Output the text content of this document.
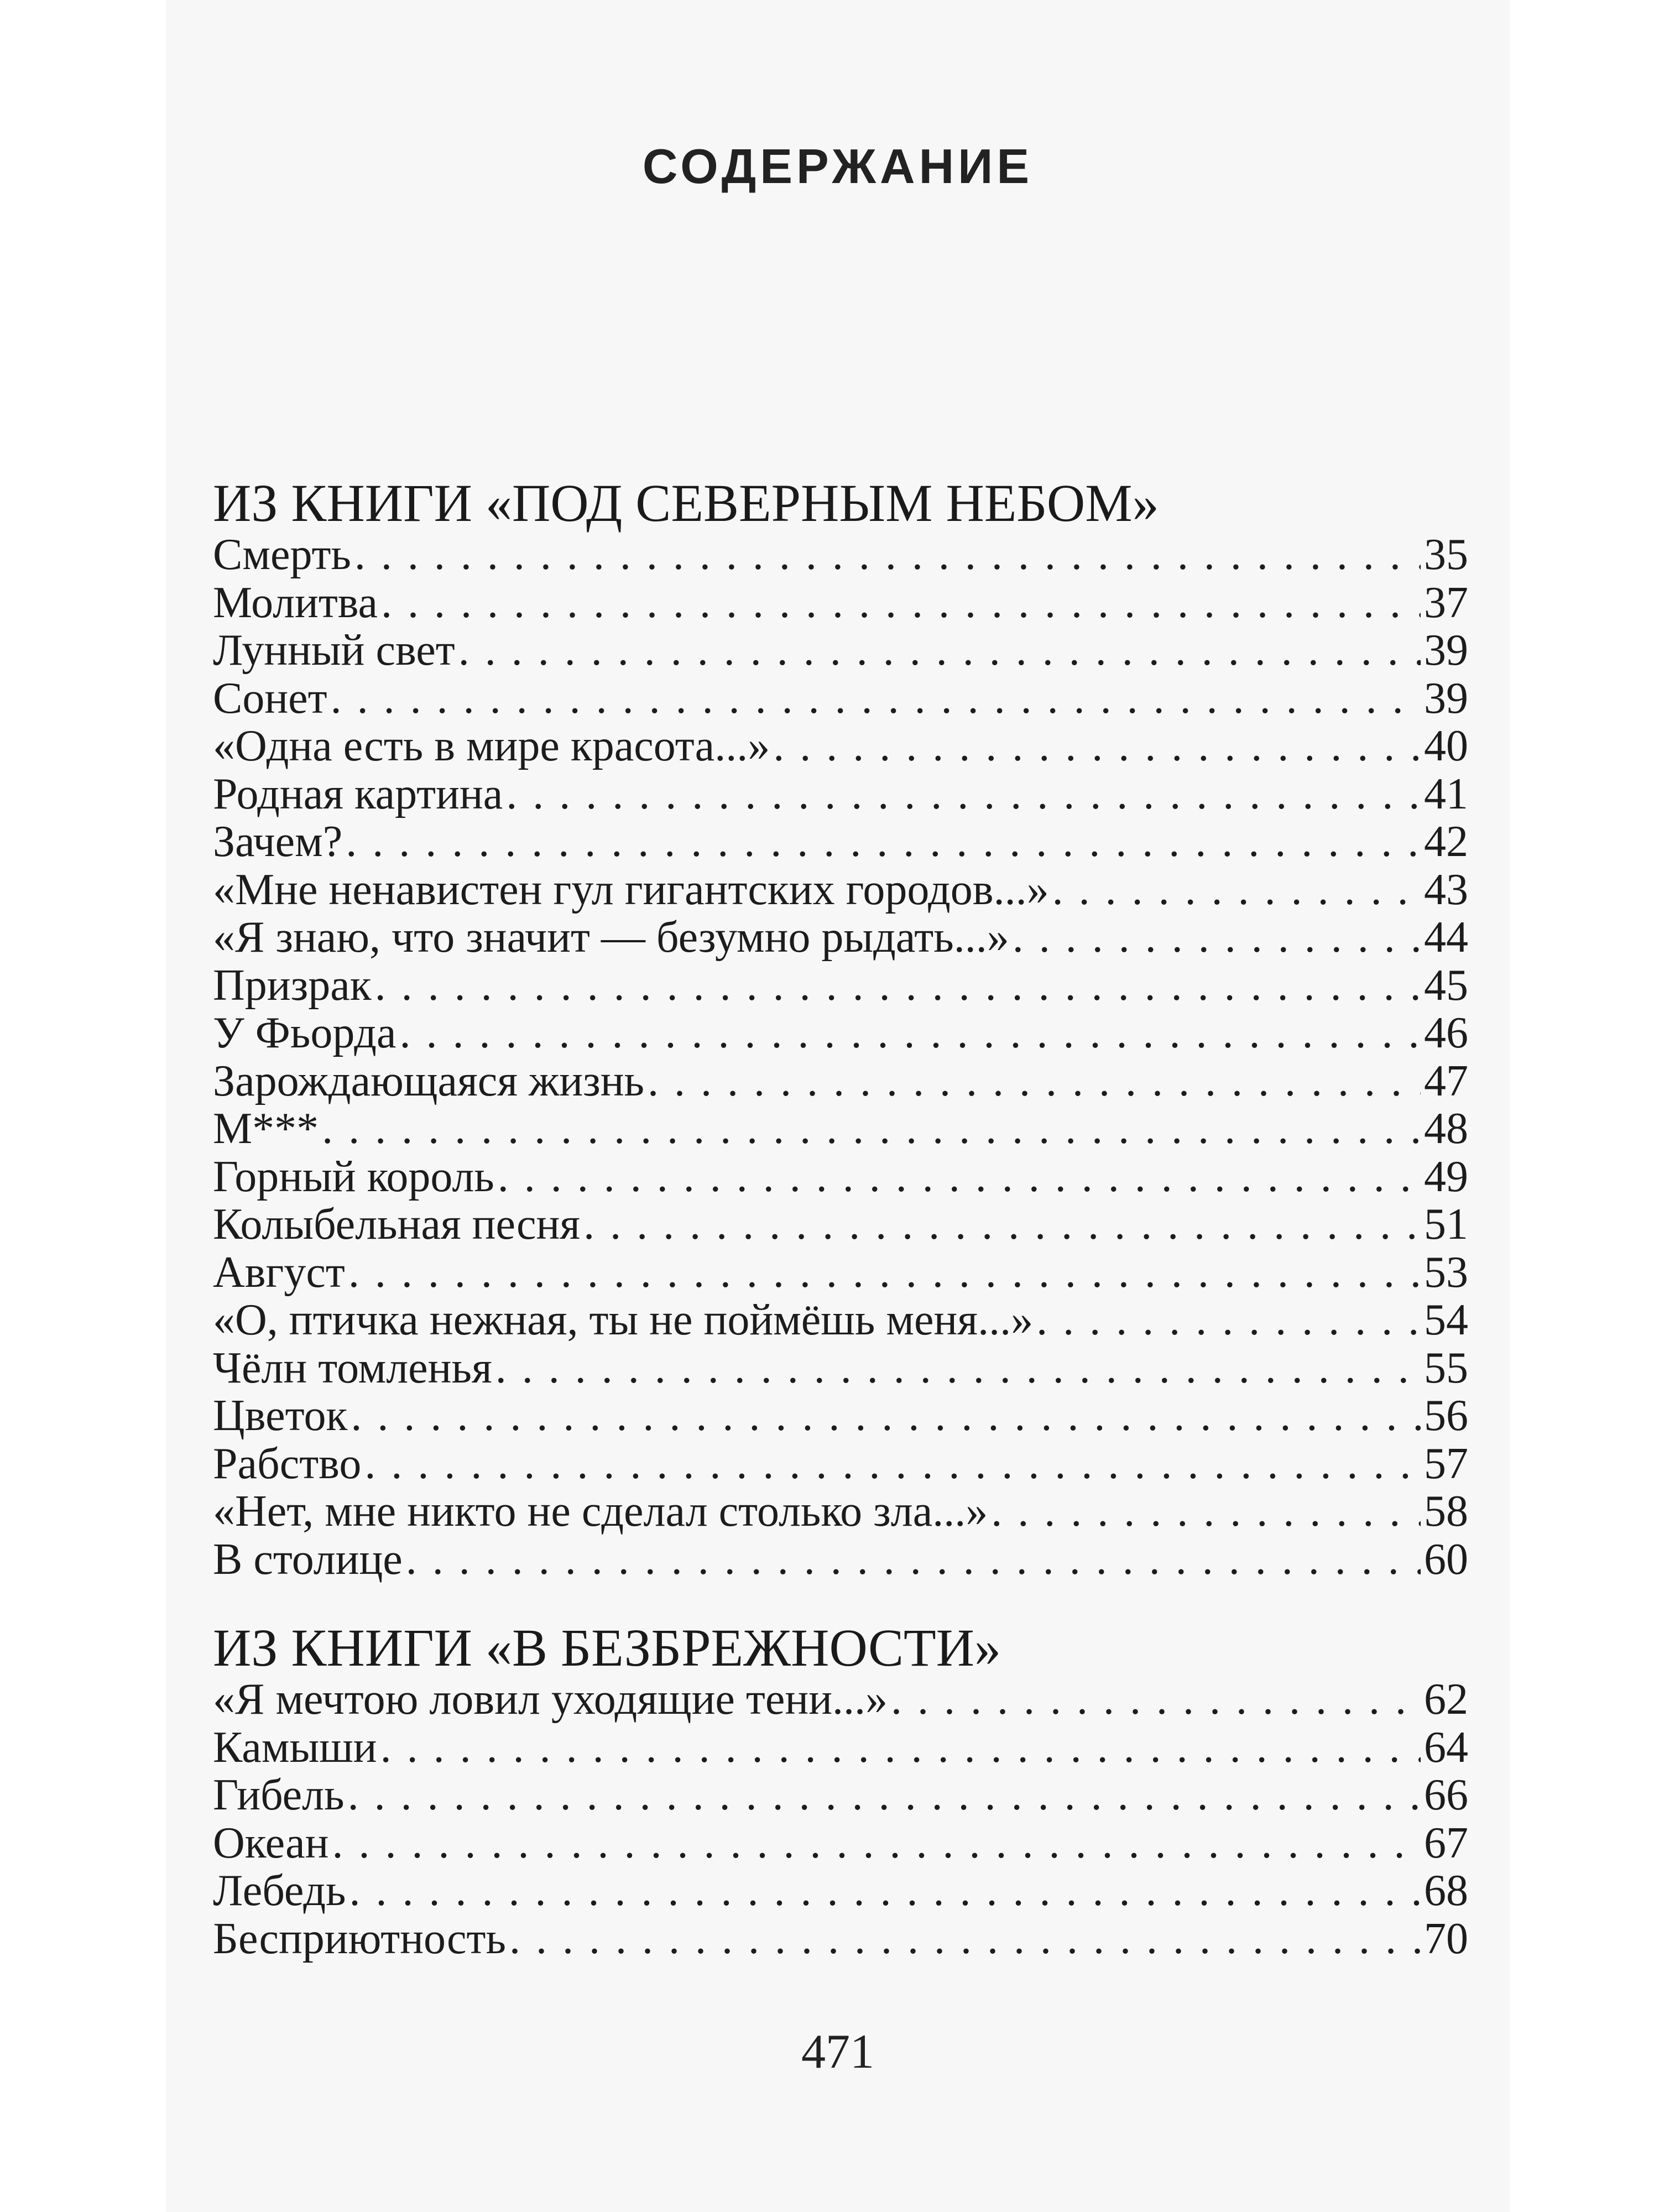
СОДЕРЖАНИЕ
ИЗ КНИГИ «ПОД СЕВЕРНЫМ НЕБОМ»
Смерть . . .	35
Молитва . . .	37
Лунный свет . . .	39
Сонет . . .	39
«Одна есть в мире красота...» . . .	40
Родная картина . . .	41
Зачем? . . .	42
«Мне ненавистен гул гигантских городов...» . . .	43
«Я знаю, что значит — безумно рыдать...» . . .	44
Призрак . . .	45
У Фьорда . . .	46
Зарождающаяся жизнь . . .	47
М*** . . .	48
Горный король . . .	49
Колыбельная песня . . .	51
Август . . .	53
«О, птичка нежная, ты не поймёшь меня...» . . .	54
Чёлн томленья . . .	55
Цветок . . .	56
Рабство . . .	57
«Нет, мне никто не сделал столько зла...» . . .	58
В столице . . .	60
ИЗ КНИГИ «В БЕЗБРЕЖНОСТИ»
«Я мечтою ловил уходящие тени...» . . .	62
Камыши . . .	64
Гибель . . .	66
Океан . . .	67
Лебедь . . .	68
Бесприютность . . .	70
471
